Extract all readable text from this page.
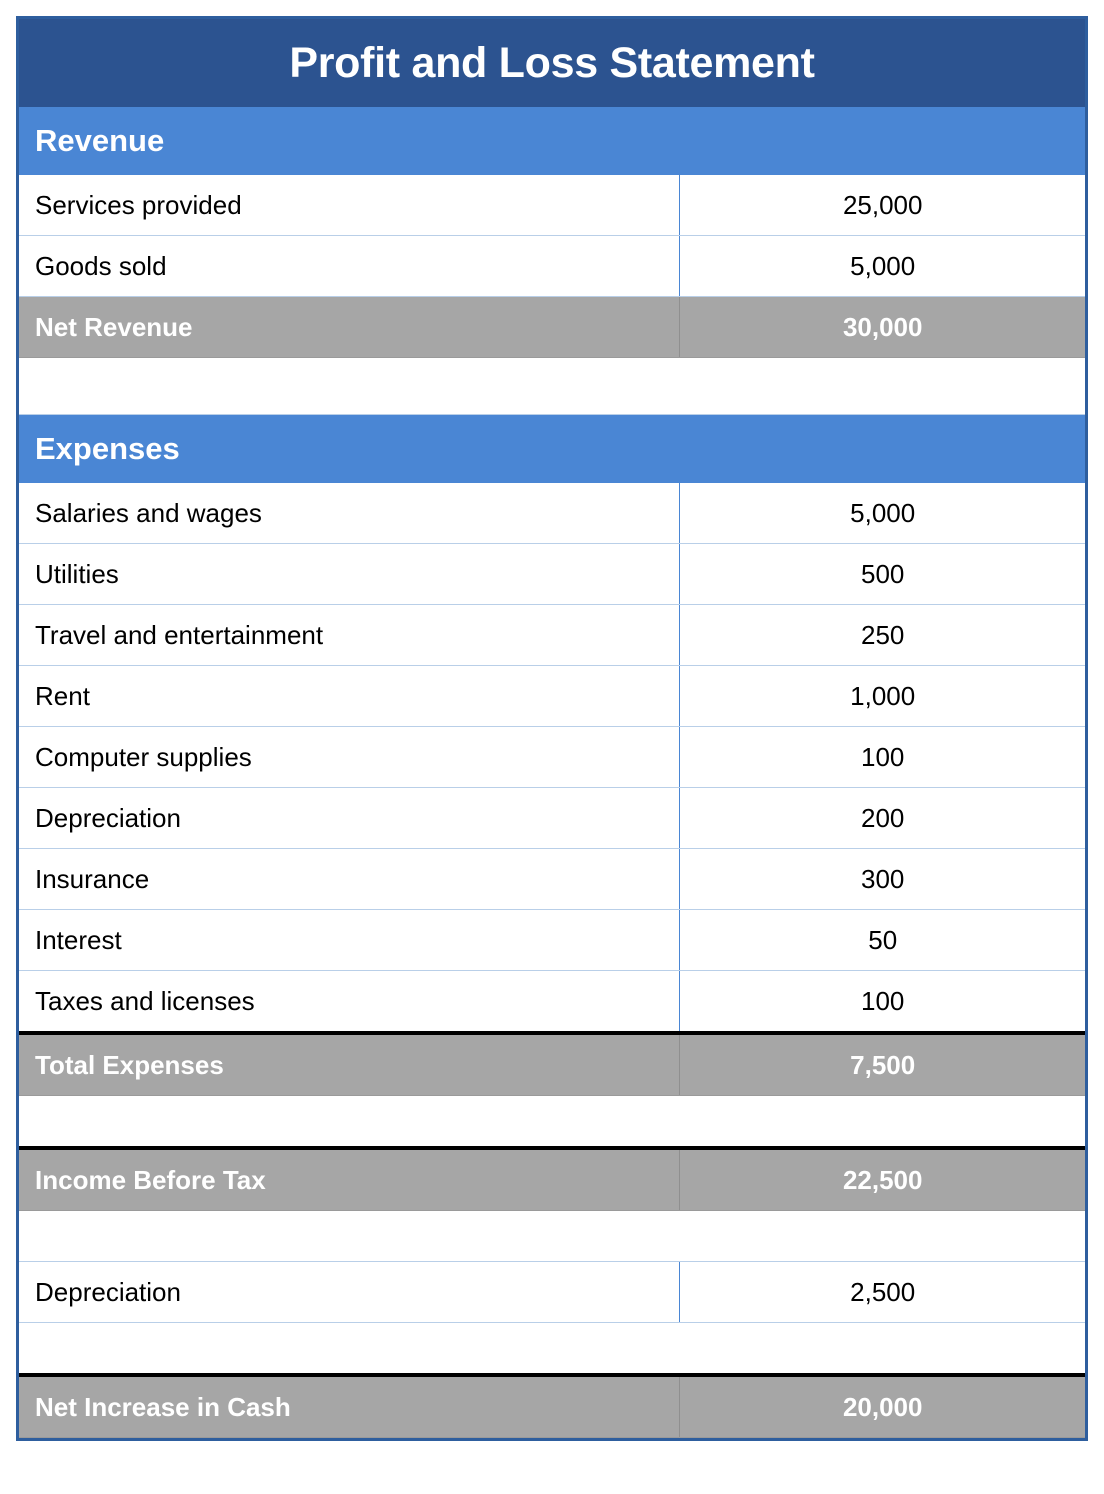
Profit and Loss Statement	
Revenue	
Services provided	25,000
Goods sold	5,000
Net Revenue	30,000

Expenses	
Salaries and wages	5,000
Utilities	500
Travel and entertainment	250
Rent	1,000
Computer supplies	100
Depreciation	200
Insurance	300
Interest	50
Taxes and licenses	100
Total Expenses	7,500

Income Before Tax	22,500

Depreciation	2,500

Net Increase in Cash	20,000
